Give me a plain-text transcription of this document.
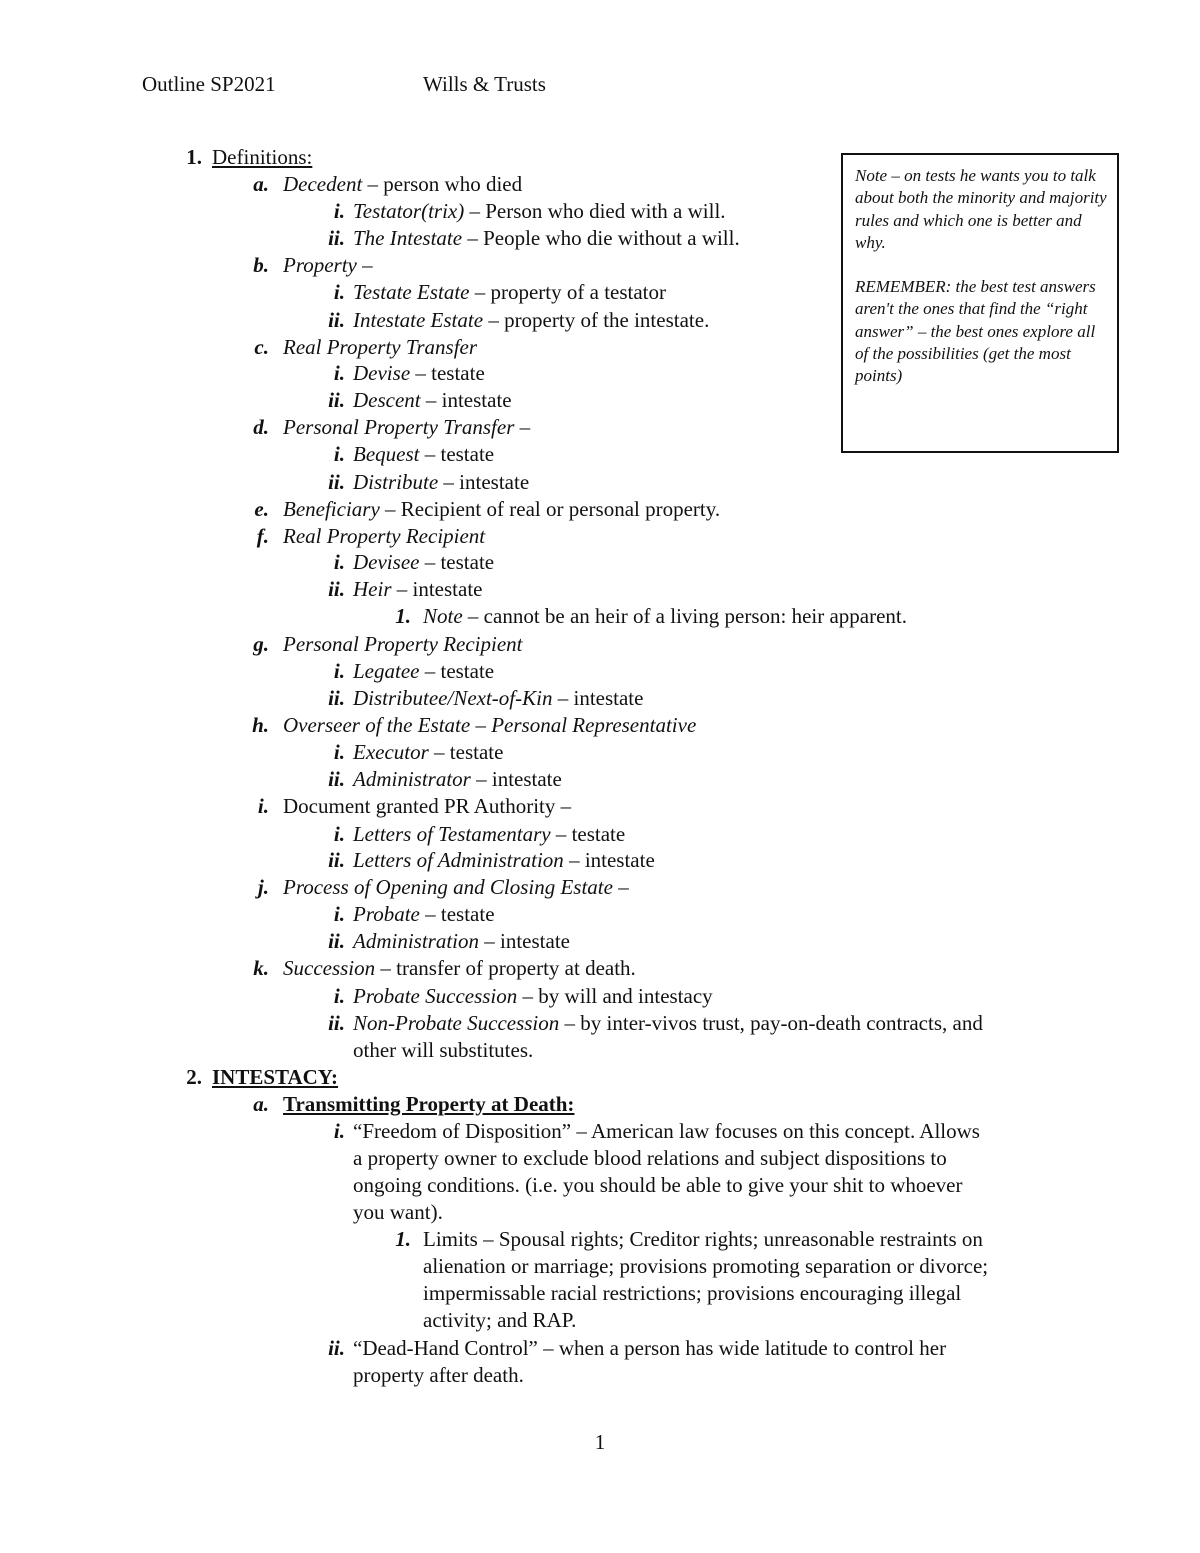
Outline SP2021	Wills & Trusts
1. Definitions:
a. Decedent – person who died
i. Testator(trix) – Person who died with a will.
ii. The Intestate – People who die without a will.
b. Property –
i. Testate Estate – property of a testator
ii. Intestate Estate – property of the intestate.
c. Real Property Transfer
i. Devise – testate
ii. Descent – intestate
d. Personal Property Transfer –
i. Bequest – testate
ii. Distribute – intestate
e. Beneficiary – Recipient of real or personal property.
f. Real Property Recipient
i. Devisee – testate
ii. Heir – intestate
1. Note – cannot be an heir of a living person: heir apparent.
g. Personal Property Recipient
i. Legatee – testate
ii. Distributee/Next-of-Kin – intestate
h. Overseer of the Estate – Personal Representative
i. Executor – testate
ii. Administrator – intestate
i. Document granted PR Authority –
i. Letters of Testamentary – testate
ii. Letters of Administration – intestate
j. Process of Opening and Closing Estate –
i. Probate – testate
ii. Administration – intestate
k. Succession – transfer of property at death.
i. Probate Succession – by will and intestacy
ii. Non-Probate Succession – by inter-vivos trust, pay-on-death contracts, and
other will substitutes.
2. INTESTACY:
a. Transmitting Property at Death:
i. “Freedom of Disposition” – American law focuses on this concept. Allows
a property owner to exclude blood relations and subject dispositions to
ongoing conditions. (i.e. you should be able to give your shit to whoever
you want).
1. Limits – Spousal rights; Creditor rights; unreasonable restraints on
alienation or marriage; provisions promoting separation or divorce;
impermissable racial restrictions; provisions encouraging illegal
activity; and RAP.
ii. “Dead-Hand Control” – when a person has wide latitude to control her
property after death.

Note – on tests he wants you to talk about both the minority and majority rules and which one is better and why.

REMEMBER: the best test answers aren't the ones that find the “right answer” – the best ones explore all of the possibilities (get the most points)

1
